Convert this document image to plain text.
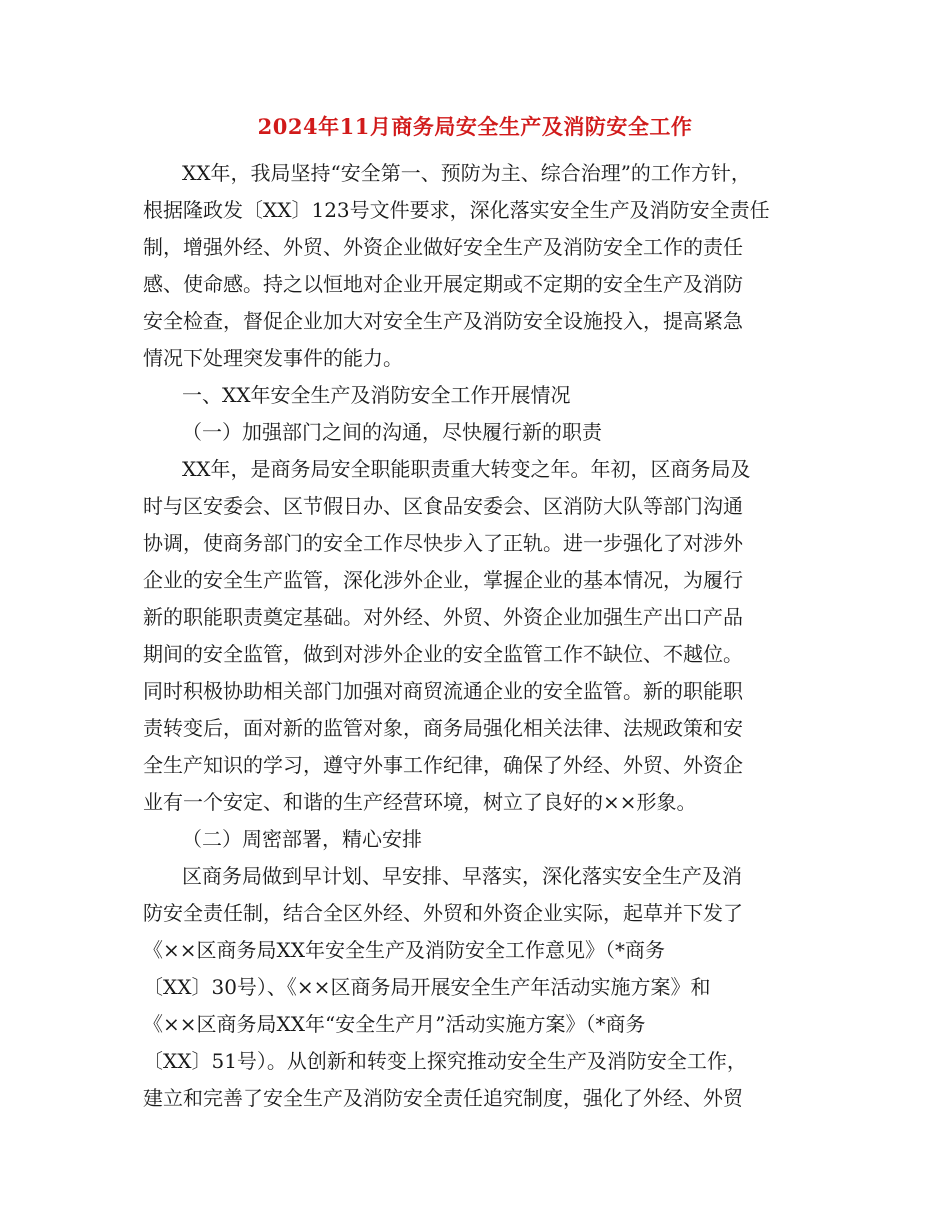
2024年11月商务局安全生产及消防安全工作
XX年，我局坚持“安全第一、预防为主、综合治理”的工作方针，
根据隆政发〔XX〕123号文件要求，深化落实安全生产及消防安全责任
制，增强外经、外贸、外资企业做好安全生产及消防安全工作的责任
感、使命感。持之以恒地对企业开展定期或不定期的安全生产及消防
安全检查，督促企业加大对安全生产及消防安全设施投入，提高紧急
情况下处理突发事件的能力。
一、XX年安全生产及消防安全工作开展情况
（一）加强部门之间的沟通，尽快履行新的职责
XX年，是商务局安全职能职责重大转变之年。年初，区商务局及
时与区安委会、区节假日办、区食品安委会、区消防大队等部门沟通
协调，使商务部门的安全工作尽快步入了正轨。进一步强化了对涉外
企业的安全生产监管，深化涉外企业，掌握企业的基本情况，为履行
新的职能职责奠定基础。对外经、外贸、外资企业加强生产出口产品
期间的安全监管，做到对涉外企业的安全监管工作不缺位、不越位。
同时积极协助相关部门加强对商贸流通企业的安全监管。新的职能职
责转变后，面对新的监管对象，商务局强化相关法律、法规政策和安
全生产知识的学习，遵守外事工作纪律，确保了外经、外贸、外资企
业有一个安定、和谐的生产经营环境，树立了良好的××形象。
（二）周密部署，精心安排
区商务局做到早计划、早安排、早落实，深化落实安全生产及消
防安全责任制，结合全区外经、外贸和外资企业实际，起草并下发了
《××区商务局XX年安全生产及消防安全工作意见》（*商务
〔XX〕30号）、《××区商务局开展安全生产年活动实施方案》和
《××区商务局XX年“安全生产月”活动实施方案》（*商务
〔XX〕51号）。从创新和转变上探究推动安全生产及消防安全工作，
建立和完善了安全生产及消防安全责任追究制度，强化了外经、外贸
